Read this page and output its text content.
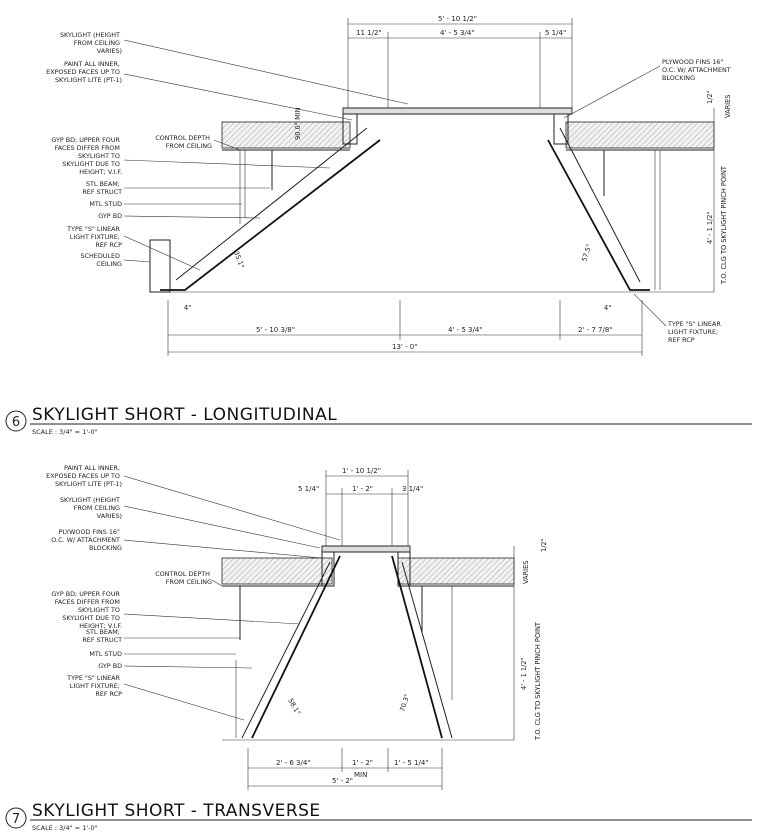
5' - 10 1/2"
11 1/2"	4' - 5 3/4"	5 1/4"
5' - 10 3/8"	4' - 5 3/4"	2' - 7 7/8"
13' - 0"
1/2" VARIES
4' - 1 1/2" T.O. CLG TO SKYLIGHT PINCH POINT
35.1°	57.5°
90.0° MIN
4"	4"
SKYLIGHT (HEIGHT FROM CEILING VARIES)
PAINT ALL INNER, EXPOSED FACES UP TO SKYLIGHT LITE (PT-1)
CONTROL DEPTH FROM CEILING
GYP BD; UPPER FOUR FACES DIFFER FROM SKYLIGHT TO SKYLIGHT DUE TO HEIGHT; V.I.F.
STL BEAM; REF STRUCT
MTL STUD
GYP BD
TYPE "S" LINEAR LIGHT FIXTURE; REF RCP
SCHEDULED CEILING
PLYWOOD FINS 16" O.C. W/ ATTACHMENT BLOCKING
TYPE "S" LINEAR LIGHT FIXTURE; REF RCP
6 SKYLIGHT SHORT - LONGITUDINAL
SCALE : 3/4" = 1'-0"
1' - 10 1/2"
5 1/4"	1' - 2"	3 1/4"
2' - 6 3/4"	1' - 2"	1' - 5 1/4"
MIN
5' - 2"
1/2"
VARIES
4' - 1 1/2" T.O. CLG TO SKYLIGHT PINCH POINT
58.1°	70.3°
PAINT ALL INNER, EXPOSED FACES UP TO SKYLIGHT LITE (PT-1)
SKYLIGHT (HEIGHT FROM CEILING VARIES)
PLYWOOD FINS 16" O.C. W/ ATTACHMENT BLOCKING
CONTROL DEPTH FROM CEILING
GYP BD; UPPER FOUR FACES DIFFER FROM SKYLIGHT TO SKYLIGHT DUE TO HEIGHT; V.I.F.
STL BEAM; REF STRUCT
MTL STUD
GYP BD
TYPE "S" LINEAR LIGHT FIXTURE; REF RCP
7 SKYLIGHT SHORT - TRANSVERSE
SCALE : 3/4" = 1'-0"
